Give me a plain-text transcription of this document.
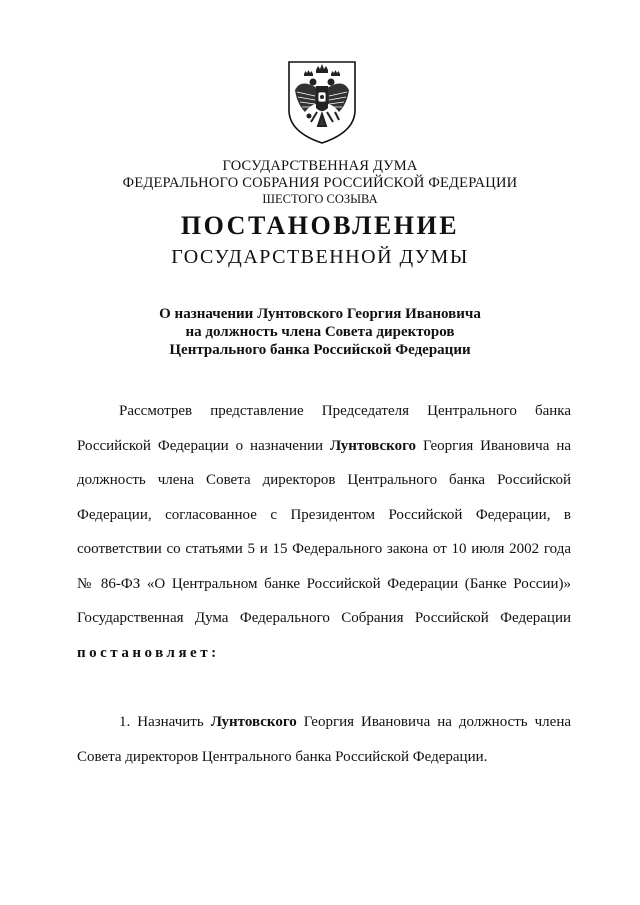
ГОСУДАРСТВЕННАЯ ДУМА
ФЕДЕРАЛЬНОГО СОБРАНИЯ РОССИЙСКОЙ ФЕДЕРАЦИИ
ШЕСТОГО СОЗЫВА
ПОСТАНОВЛЕНИЕ
ГОСУДАРСТВЕННОЙ ДУМЫ
О назначении Лунтовского Георгия Ивановича
на должность члена Совета директоров
Центрального банка Российской Федерации
Рассмотрев представление Председателя Центрального банка
Российской Федерации о назначении Лунтовского Георгия Ивановича на
должность члена Совета директоров Центрального банка Российской
Федерации, согласованное с Президентом Российской Федерации, в
соответствии со статьями 5 и 15 Федерального закона от 10 июля 2002 года
№ 86-ФЗ «О Центральном банке Российской Федерации (Банке России)»
Государственная Дума Федерального Собрания Российской Федерации
постановляет:
1. Назначить Лунтовского Георгия Ивановича на должность члена
Совета директоров Центрального банка Российской Федерации.
